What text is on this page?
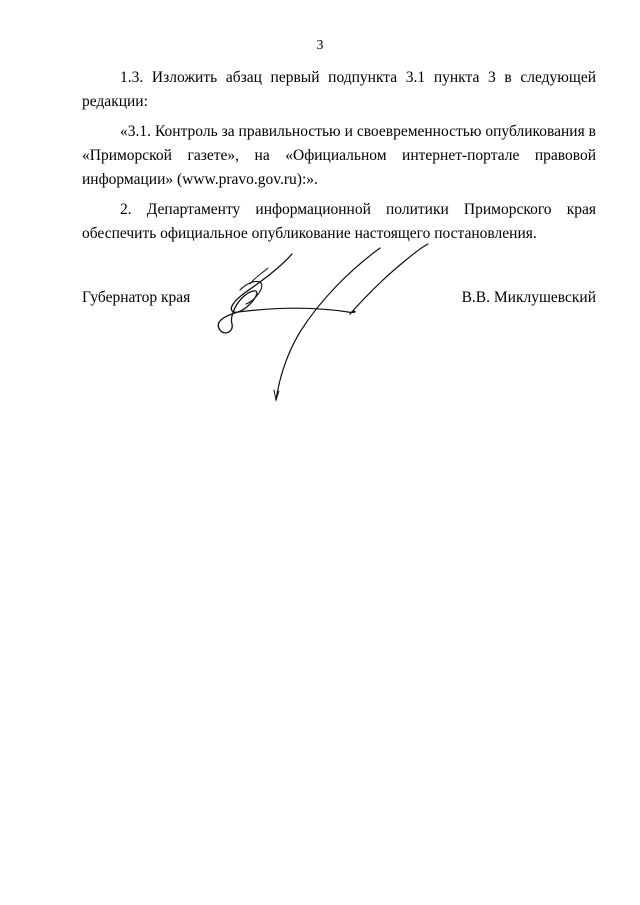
3

1.3. Изложить абзац первый подпункта 3.1 пункта 3 в следующей редакции:

«3.1. Контроль за правильностью и своевременностью опубликования в «Приморской газете», на «Официальном интернет-портале правовой информации» (www.pravo.gov.ru):».

2. Департаменту информационной политики Приморского края обеспечить официальное опубликование настоящего постановления.

Губернатор края	В.В. Миклушевский
